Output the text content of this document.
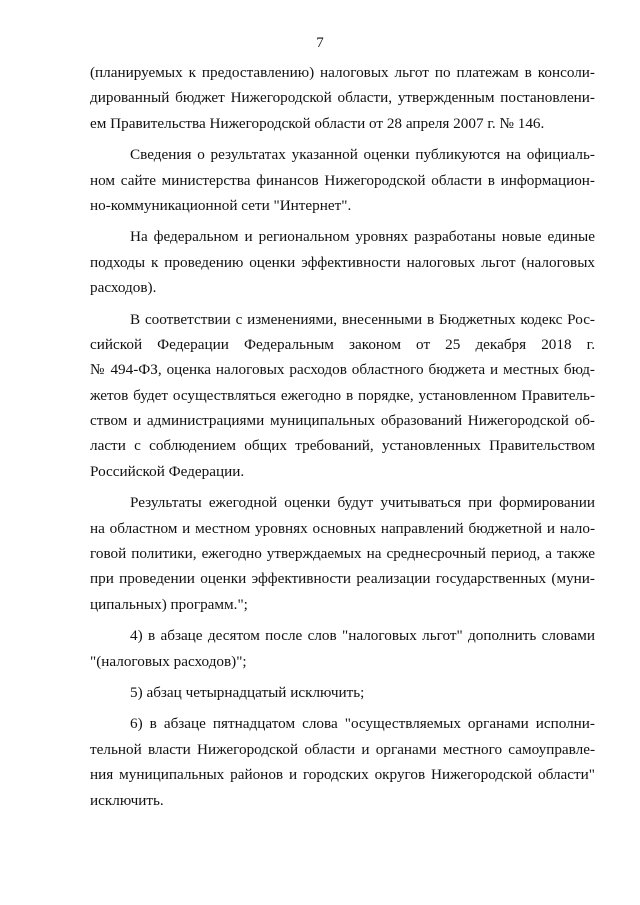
7
(планируемых к предоставлению) налоговых льгот по платежам в консоли-
дированный бюджет Нижегородской области, утвержденным постановлени-
ем Правительства Нижегородской области от 28 апреля 2007 г. № 146.
Сведения о результатах указанной оценки публикуются на официаль-
ном сайте министерства финансов Нижегородской области в информацион-
но-коммуникационной сети "Интернет".
На федеральном и региональном уровнях разработаны новые единые
подходы к проведению оценки эффективности налоговых льгот (налоговых
расходов).
В соответствии с изменениями, внесенными в Бюджетных кодекс Рос-
сийской Федерации Федеральным законом от 25 декабря 2018 г.
№ 494-ФЗ, оценка налоговых расходов областного бюджета и местных бюд-
жетов будет осуществляться ежегодно в порядке, установленном Правитель-
ством и администрациями муниципальных образований Нижегородской об-
ласти с соблюдением общих требований, установленных Правительством
Российской Федерации.
Результаты ежегодной оценки будут учитываться при формировании
на областном и местном уровнях основных направлений бюджетной и нало-
говой политики, ежегодно утверждаемых на среднесрочный период, а также
при проведении оценки эффективности реализации государственных (муни-
ципальных) программ.";
4) в абзаце десятом после слов "налоговых льгот" дополнить словами
"(налоговых расходов)";
5) абзац четырнадцатый исключить;
6) в абзаце пятнадцатом слова "осуществляемых органами исполни-
тельной власти Нижегородской области и органами местного самоуправле-
ния муниципальных районов и городских округов Нижегородской области"
исключить.
